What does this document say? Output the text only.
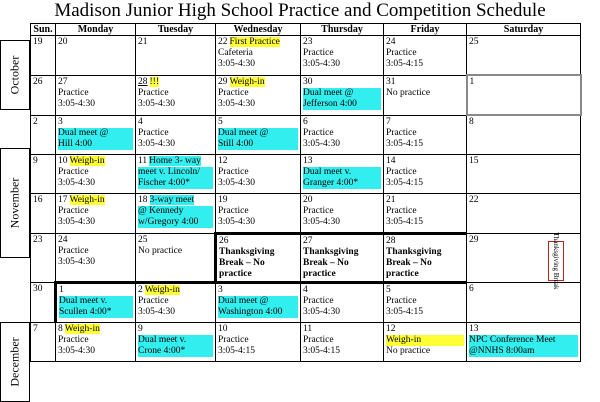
Madison Junior High School Practice and Competition Schedule
Sun.	Monday	Tuesday	Wednesday	Thursday	Friday	Saturday
19	20	21	22 First Practice
Cafeteria
3:05-4:30	23

Practice
3:05-4:30	24

Practice
3:05-4:15	25
26	27

Practice
3:05-4:30	28 !!!
Practice
3:05-4:30	29 Weigh-in
Practice
3:05-4:30	30

Dual meet @
Jefferson 4:00	31

No practice	1
2	3

Dual meet @
Hill 4:00	4

Practice
3:05-4:30	5

Dual meet @
Still 4:00	6

Practice
3:05-4:30	7

Practice
3:05-4:15	8
9	10 Weigh-in
Practice
3:05-4:30	11 Home 3- way
meet v. Lincoln/
Fischer 4:00*	12

Practice
3:05-4:30	13

Dual meet v.
Granger 4:00*	14

Practice
3:05-4:15	15
16	17 Weigh-in
Practice
3:05-4:30	18 3-way meet
@ Kennedy
w/Gregory 4:00	19

Practice
3:05-4:30	20

Practice
3:05-4:30	21

Practice
3:05-4:15	22
23	24

Practice
3:05-4:30	25

No practice	26

Thanksgiving
Break – No
practice	27

Thanksgiving
Break – No
practice	28

Thanksgiving
Break – No
practice	29
30	1

Dual meet v.
Scullen 4:00*	2 Weigh-in
Practice
3:05-4:30	3

Dual meet @
Washington 4:00	4

Practice
3:05-4:30	5

Practice
3:05-4:15	6
7	8 Weigh-in
Practice
3:05-4:30	9

Dual meet v.
Crone 4:00*	10

Practice
3:05-4:15	11

Practice
3:05-4:15	12

Weigh-in
No practice	13

NPC Conference Meet
@NNHS 8:00am
October
November
December
Thanksgiving Break
